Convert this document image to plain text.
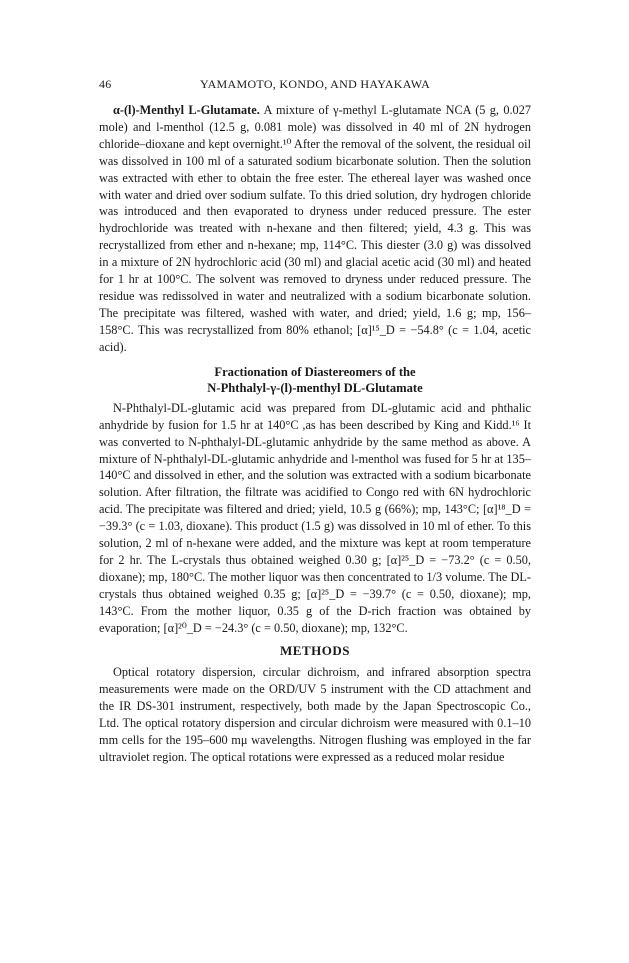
46	YAMAMOTO, KONDO, AND HAYAKAWA

α-(l)-Menthyl L-Glutamate. A mixture of γ-methyl L-glutamate NCA (5 g, 0.027 mole) and l-menthol (12.5 g, 0.081 mole) was dissolved in 40 ml of 2N hydrogen chloride–dioxane and kept overnight.¹⁰ After the removal of the solvent, the residual oil was dissolved in 100 ml of a saturated sodium bicarbonate solution. Then the solution was extracted with ether to obtain the free ester. The ethereal layer was washed once with water and dried over sodium sulfate. To this dried solution, dry hydrogen chloride was introduced and then evaporated to dryness under reduced pressure. The ester hydrochloride was treated with n-hexane and then filtered; yield, 4.3 g. This was recrystallized from ether and n-hexane; mp, 114°C. This diester (3.0 g) was dissolved in a mixture of 2N hydrochloric acid (30 ml) and glacial acetic acid (30 ml) and heated for 1 hr at 100°C. The solvent was removed to dryness under reduced pressure. The residue was redissolved in water and neutralized with a sodium bicarbonate solution. The precipitate was filtered, washed with water, and dried; yield, 1.6 g; mp, 156–158°C. This was recrystallized from 80% ethanol; [α]¹⁵_D = −54.8° (c = 1.04, acetic acid).

Fractionation of Diastereomers of the
N-Phthalyl-γ-(l)-menthyl DL-Glutamate

N-Phthalyl-DL-glutamic acid was prepared from DL-glutamic acid and phthalic anhydride by fusion for 1.5 hr at 140°C ,as has been described by King and Kidd.¹⁶ It was converted to N-phthalyl-DL-glutamic anhydride by the same method as above. A mixture of N-phthalyl-DL-glutamic anhydride and l-menthol was fused for 5 hr at 135–140°C and dissolved in ether, and the solution was extracted with a sodium bicarbonate solution. After filtration, the filtrate was acidified to Congo red with 6N hydrochloric acid. The precipitate was filtered and dried; yield, 10.5 g (66%); mp, 143°C; [α]¹⁸_D = −39.3° (c = 1.03, dioxane). This product (1.5 g) was dissolved in 10 ml of ether. To this solution, 2 ml of n-hexane were added, and the mixture was kept at room temperature for 2 hr. The L-crystals thus obtained weighed 0.30 g; [α]²⁵_D = −73.2° (c = 0.50, dioxane); mp, 180°C. The mother liquor was then concentrated to 1/3 volume. The DL-crystals thus obtained weighed 0.35 g; [α]²⁵_D = −39.7° (c = 0.50, dioxane); mp, 143°C. From the mother liquor, 0.35 g of the D-rich fraction was obtained by evaporation; [α]²⁰_D = −24.3° (c = 0.50, dioxane); mp, 132°C.

METHODS

Optical rotatory dispersion, circular dichroism, and infrared absorption spectra measurements were made on the ORD/UV 5 instrument with the CD attachment and the IR DS-301 instrument, respectively, both made by the Japan Spectroscopic Co., Ltd. The optical rotatory dispersion and circular dichroism were measured with 0.1–10 mm cells for the 195–600 mμ wavelengths. Nitrogen flushing was employed in the far ultraviolet region. The optical rotations were expressed as a reduced molar residue
